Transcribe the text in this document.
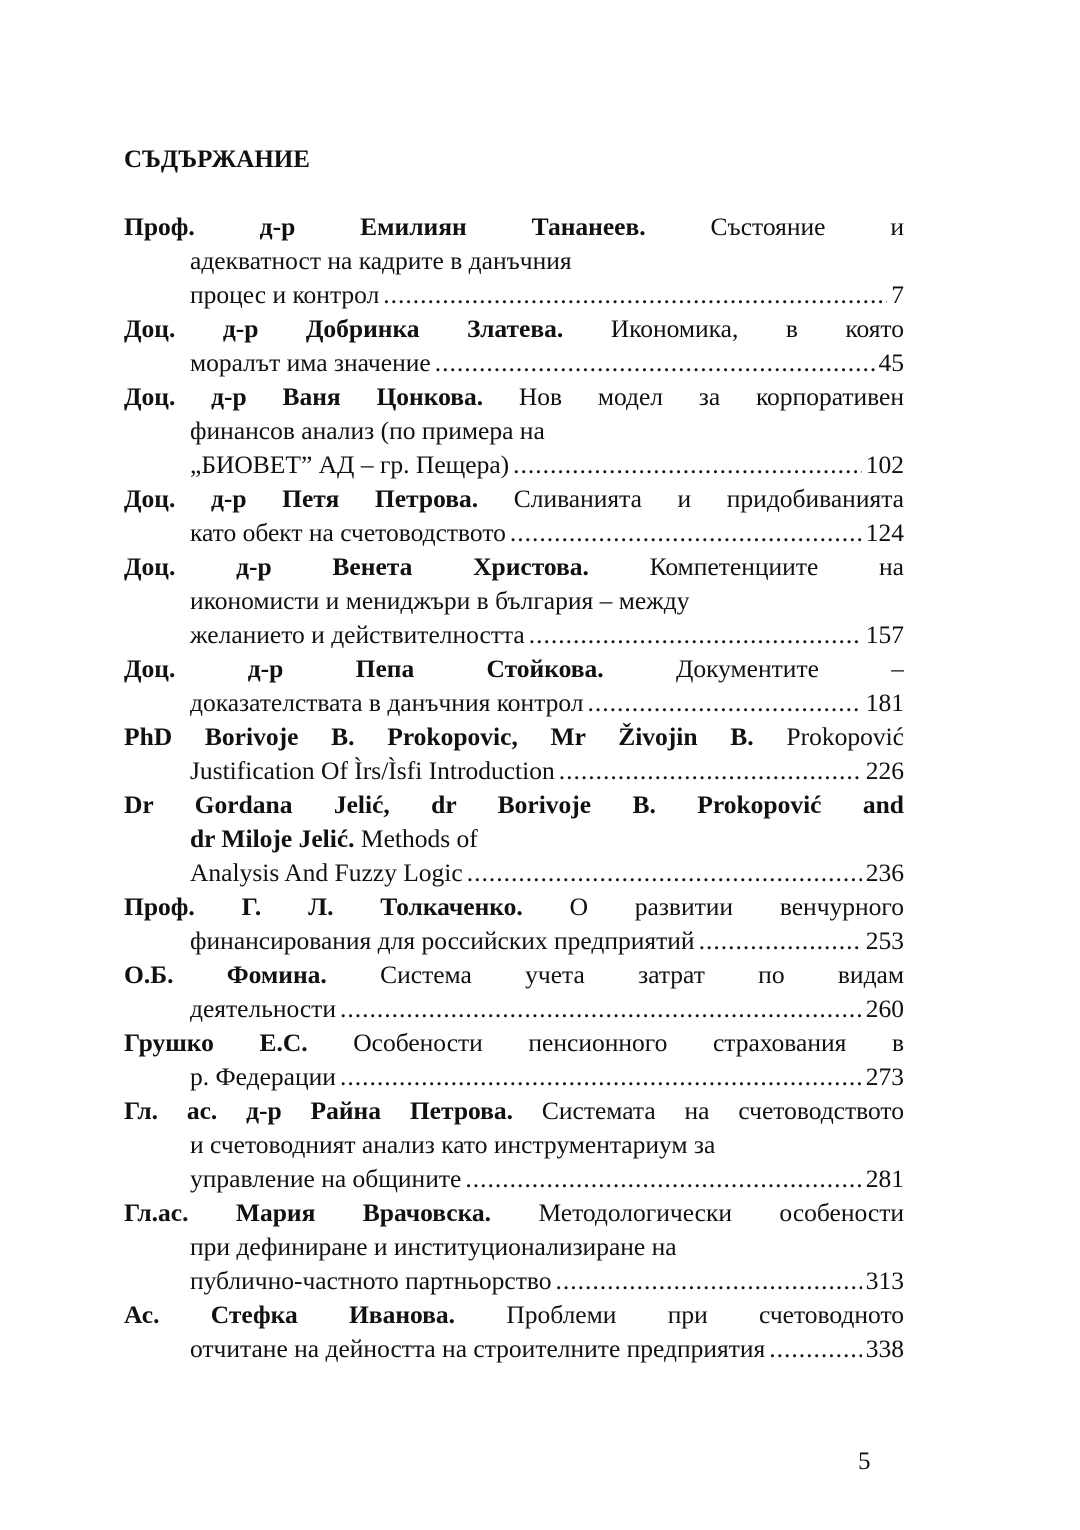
СЪДЪРЖАНИЕ
Проф. д-р Емилиян Тананеев. Състояние и
адекватност на кадрите в данъчния
процес и контрол .....	7
Доц. д-р Добринка Златева. Икономика, в която
моралът има значение .....	45
Доц. д-р Ваня Цонкова. Нов модел за корпоративен
финансов анализ (по примера на
„БИОВЕТ” АД – гр. Пещера) .....	102
Доц. д-р Петя Петрова. Сливанията и придобиванията
като обект на счетоводството .....	124
Доц. д-р Венета Христова. Компетенциите на
икономисти и мениджъри в българия – между
желанието и действителността .....	157
Доц. д-р Пепа Стойкова. Документите –
доказателствата в данъчния контрол .....	181
PhD Borivoje B. Prokopovic, Mr Živojin B. Prokopović
Justification Of Ìrs/Ìsfi Introduction .....	226
Dr Gordana Jelić, dr Borivoje B. Prokopović and
dr Miloje Jelić. Methods of
Analysis And Fuzzy Logic .....	236
Проф. Г. Л. Толкаченко. О развитии венчурного
финансирования для российских предприятий .....	253
О.Б. Фомина. Система учета затрат по видам
деятельности .....	260
Грушко Е.С. Особености пенсионного страхования в
р. Федерации .....	273
Гл. ас. д-р Райна Петрова. Системата на счетоводството
и счетоводният анализ като инструментариум за
управление на общините .....	281
Гл.ас. Мария Врачовска. Методологически особености
при дефиниране и институционализиране на
публично-частното партньорство .....	313
Ас. Стефка Иванова. Проблеми при счетоводното
отчитане на дейността на строителните предприятия .....	338
5
